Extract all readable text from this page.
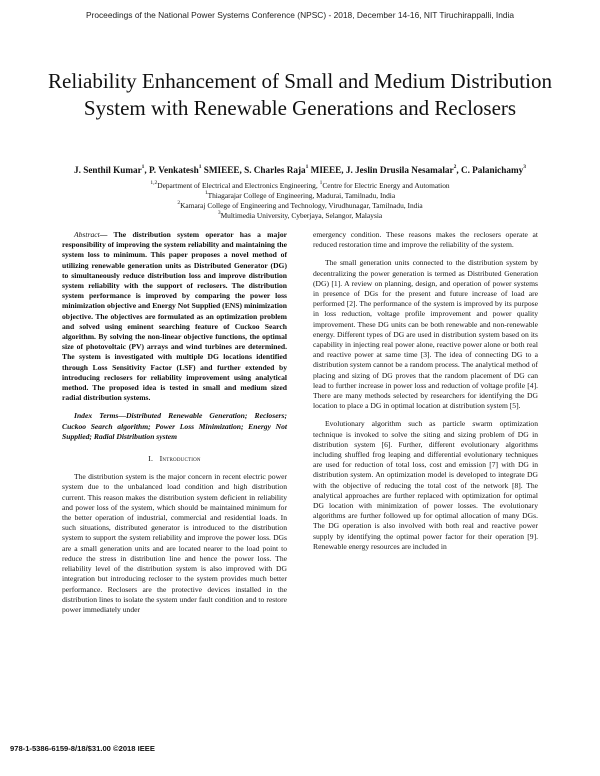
Proceedings of the National Power Systems Conference (NPSC) - 2018, December 14-16, NIT Tiruchirappalli, India
Reliability Enhancement of Small and Medium Distribution System with Renewable Generations and Reclosers
J. Senthil Kumar$^1$, P. Venkatesh$^1$ SMIEEE, S. Charles Raja$^1$ MIEEE, J. Jeslin Drusila Nesamalar$^2$, C. Palanichamy$^3$
$^{1,2}$Department of Electrical and Electronics Engineering, $^1$Centre for Electric Energy and Automation
$^1$Thiagarajar College of Engineering, Madurai, Tamilnadu, India
$^2$Kamaraj College of Engineering and Technology, Virudhunagar, Tamilnadu, India
$^3$Multimedia University, Cyberjaya, Selangor, Malaysia

Abstract— The distribution system operator has a major responsibility of improving the system reliability and maintaining the system loss to minimum. This paper proposes a novel method of utilizing renewable generation units as Distributed Generator (DG) to simultaneously reduce distribution loss and improve distribution system reliability with the support of reclosers. The distribution system performance is improved by comparing the power loss minimization objective and Energy Not Supplied (ENS) minimization objective. The objectives are formulated as an optimization problem and solved using eminent searching feature of Cuckoo Search algorithm. By solving the non-linear objective functions, the optimal size of photovoltaic (PV) arrays and wind turbines are determined. The system is investigated with multiple DG locations identified through Loss Sensitivity Factor (LSF) and further extended by introducing reclosers for reliability improvement using analytical method. The proposed idea is tested in small and medium sized radial distribution systems.

Index Terms—Distributed Renewable Generation; Reclosers; Cuckoo Search algorithm; Power Loss Minimization; Energy Not Supplied; Radial Distribution system

I. Introduction

The distribution system is the major concern in recent electric power system due to the unbalanced load condition and high distribution current. This reason makes the distribution system deficient in reliability and power loss of the system, which should be maintained minimum for the better operation of industrial, commercial and residential loads. In such situations, distributed generator is introduced to the distribution system to support the system reliability and improve the power loss. DGs are a small generation units and are located nearer to the load point to reduce the stress in distribution line and hence the power loss. The reliability level of the distribution system is also improved with DG integration but introducing recloser to the system provides much better performance. Reclosers are the protective devices installed in the distribution lines to isolate the system under fault condition and to restore power immediately under

emergency condition. These reasons makes the reclosers operate at reduced restoration time and improve the reliability of the system.

The small generation units connected to the distribution system by decentralizing the power generation is termed as Distributed Generation (DG) [1]. A review on planning, design, and operation of power systems in presence of DGs for the present and future increase of load are performed [2]. The performance of the system is improved by its purpose in loss reduction, voltage profile improvement and power quality improvement. These DG units can be both renewable and non-renewable energy. Different types of DG are used in distribution system based on its capability in injecting real power alone, reactive power alone or both real and reactive power at same time [3]. The idea of connecting DG to a distribution system cannot be a random process. The analytical method of placing and sizing of DG proves that the random placement of DG can lead to further increase in power loss and reduction of voltage profile [4]. There are many methods selected by researchers for identifying the DG location to place a DG in optimal location at distribution system [5].

Evolutionary algorithm such as particle swarm optimization technique is invoked to solve the siting and sizing problem of DG in distribution system [6]. Further, different evolutionary algorithms including shuffled frog leaping and differential evolutionary techniques are used for reduction of total loss, cost and emission [7] with DG in distribution system. An optimization model is developed to integrate DG with the objective of reducing the total cost of the network [8]. The analytical approaches are further replaced with optimization for optimal DG location with minimization of power losses. The evolutionary algorithms are further followed up for optimal allocation of many DGs. The DG operation is also involved with both real and reactive power supply by identifying the optimal power factor for their operation [9]. Renewable energy resources are included in

978-1-5386-6159-8/18/$31.00 ©2018 IEEE
